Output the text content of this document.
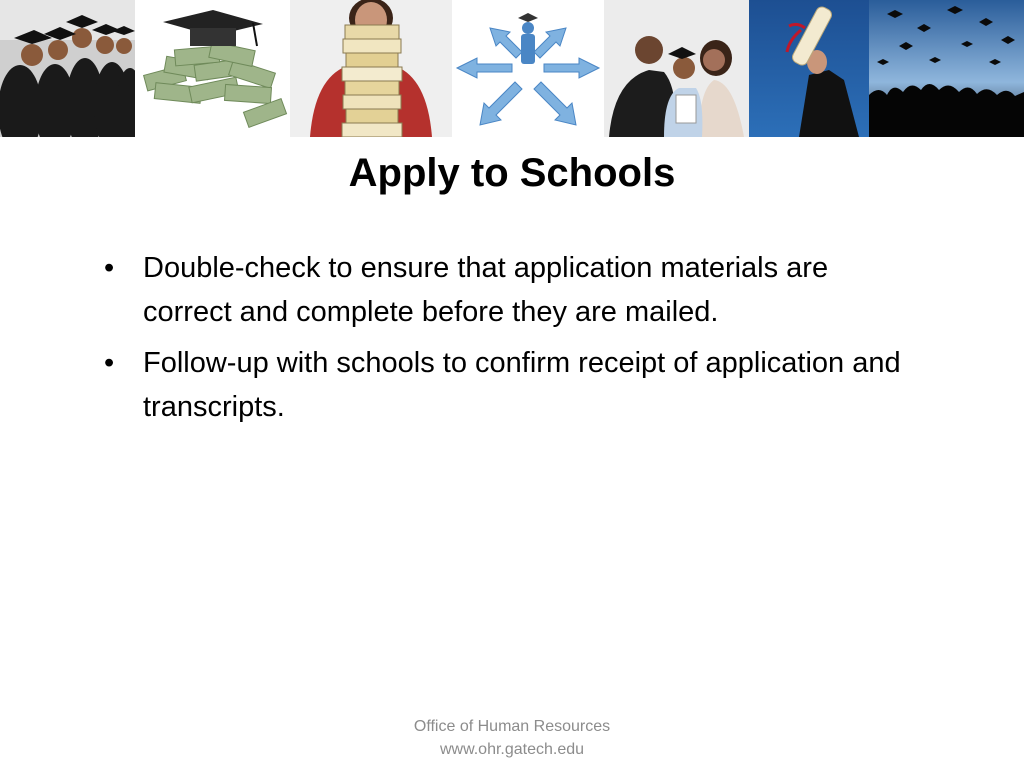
Apply to Schools
• Double-check to ensure that application materials are correct and complete before they are mailed.
• Follow-up with schools to confirm receipt of application and transcripts.
Office of Human Resources
www.ohr.gatech.edu
